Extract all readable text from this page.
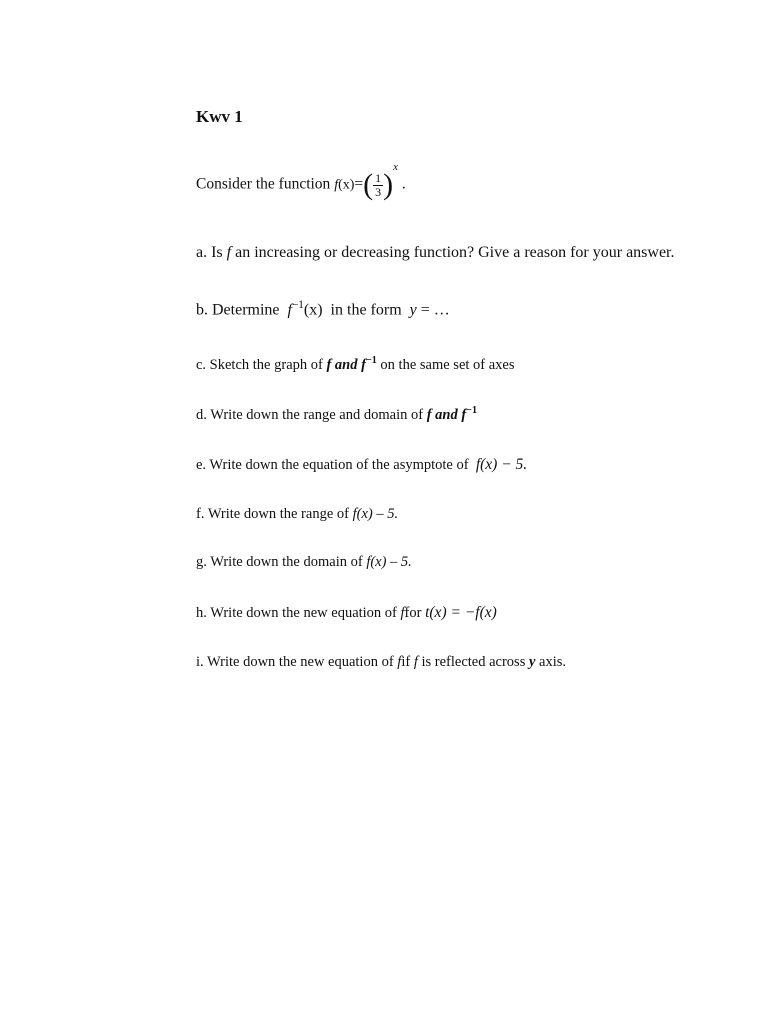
Kwv 1
Consider the function $f(x)=( \frac{1}{3} )^x$ .
a. Is f an increasing or decreasing function? Give a reason for your answer.
b. Determine $f^{-1}(x)$ in the form y = …
c. Sketch the graph of f and $f^{-1}$ on the same set of axes
d. Write down the range and domain of f and $f^{-1}$
e. Write down the equation of the asymptote of f(x) − 5.
f. Write down the range of f(x) – 5.
g. Write down the domain of f(x) – 5.
h. Write down the new equation of ffor t(x) = −f(x)
i. Write down the new equation of fif f is reflected across y axis.
